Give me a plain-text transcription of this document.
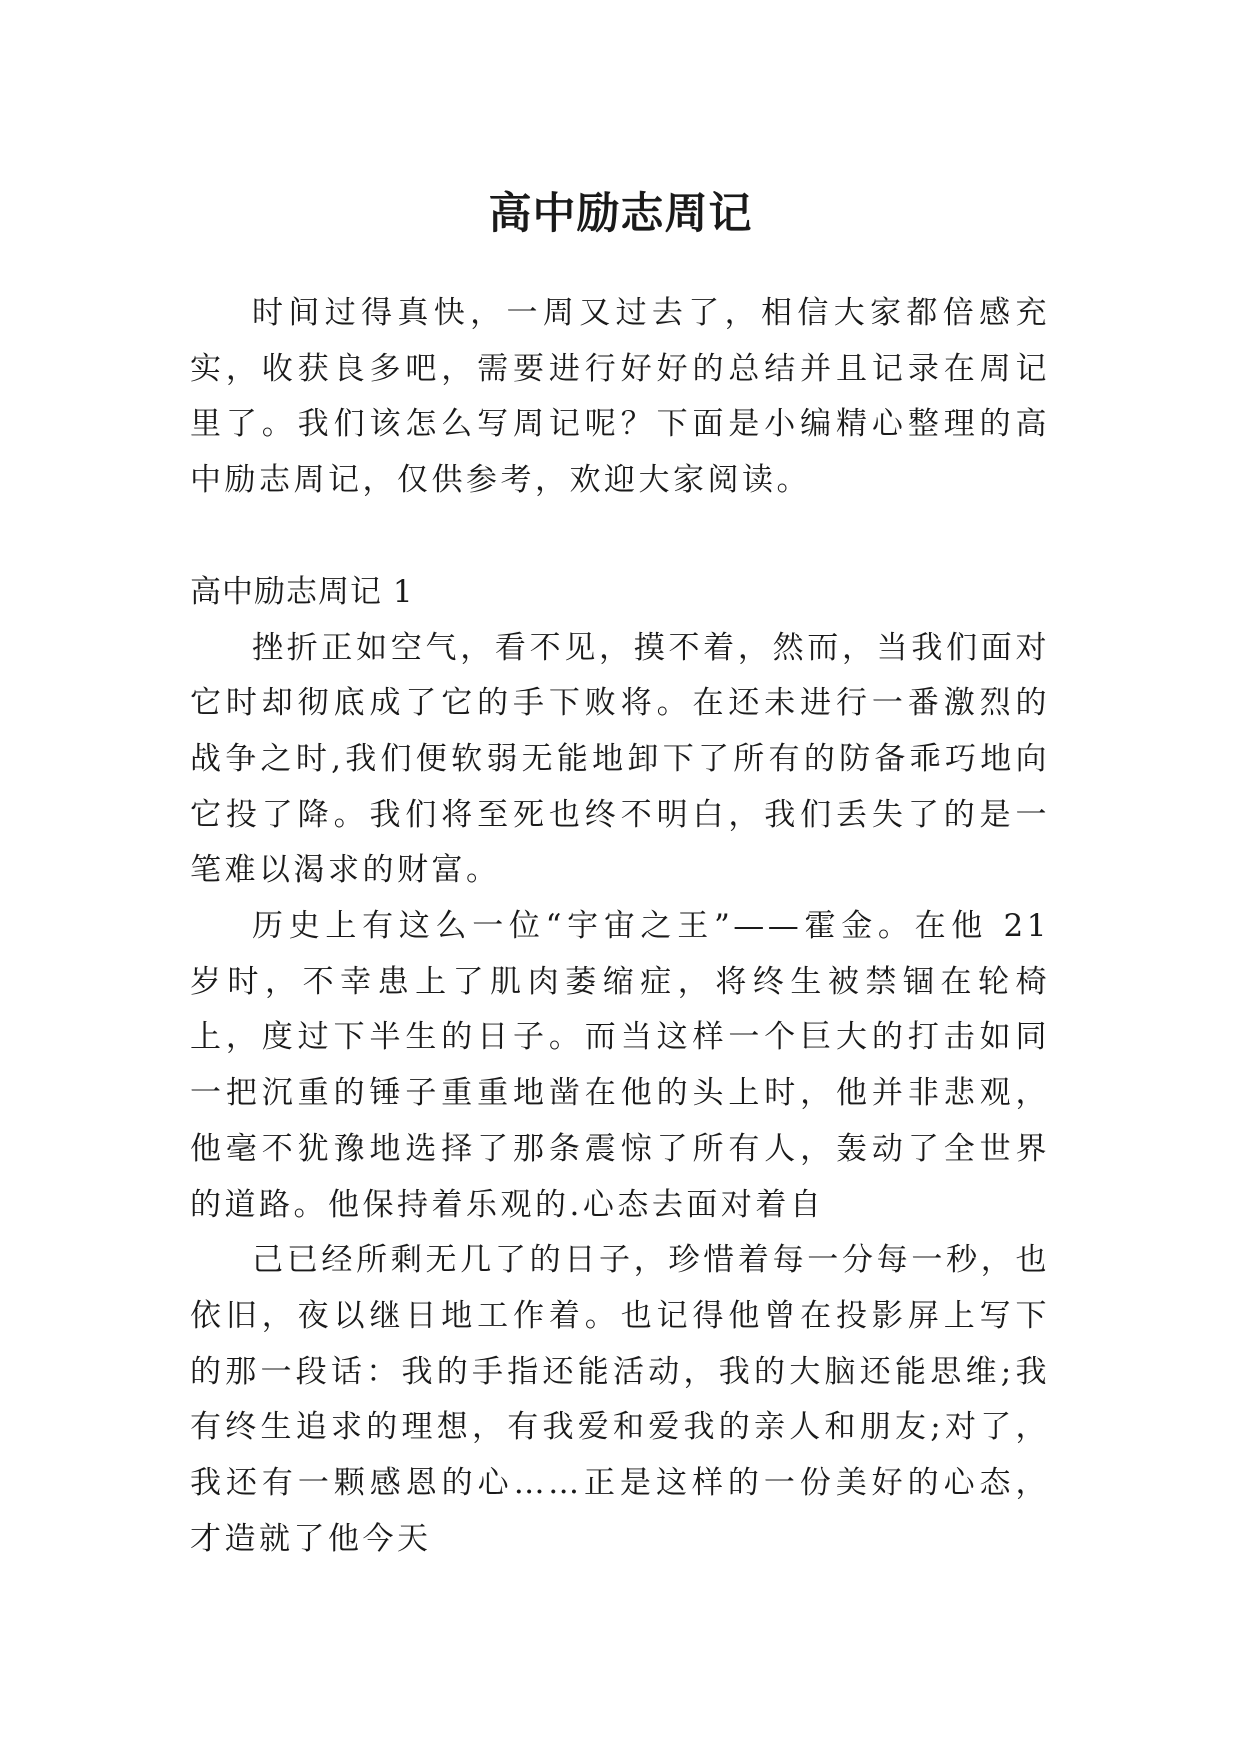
高中励志周记

时间过得真快，一周又过去了，相信大家都倍感充实，收获良多吧，需要进行好好的总结并且记录在周记里了。我们该怎么写周记呢？下面是小编精心整理的高中励志周记，仅供参考，欢迎大家阅读。

高中励志周记 1

挫折正如空气，看不见，摸不着，然而，当我们面对它时却彻底成了它的手下败将。在还未进行一番激烈的战争之时,我们便软弱无能地卸下了所有的防备乖巧地向它投了降。我们将至死也终不明白，我们丢失了的是一笔难以渴求的财富。

历史上有这么一位“宇宙之王”——霍金。在他 21 岁时，不幸患上了肌肉萎缩症，将终生被禁锢在轮椅上，度过下半生的日子。而当这样一个巨大的打击如同一把沉重的锤子重重地凿在他的头上时，他并非悲观，他毫不犹豫地选择了那条震惊了所有人，轰动了全世界的道路。他保持着乐观的.心态去面对着自

己已经所剩无几了的日子，珍惜着每一分每一秒，也依旧，夜以继日地工作着。也记得他曾在投影屏上写下的那一段话：我的手指还能活动，我的大脑还能思维;我有终生追求的理想，有我爱和爱我的亲人和朋友;对了，我还有一颗感恩的心……正是这样的一份美好的心态，才造就了他今天
